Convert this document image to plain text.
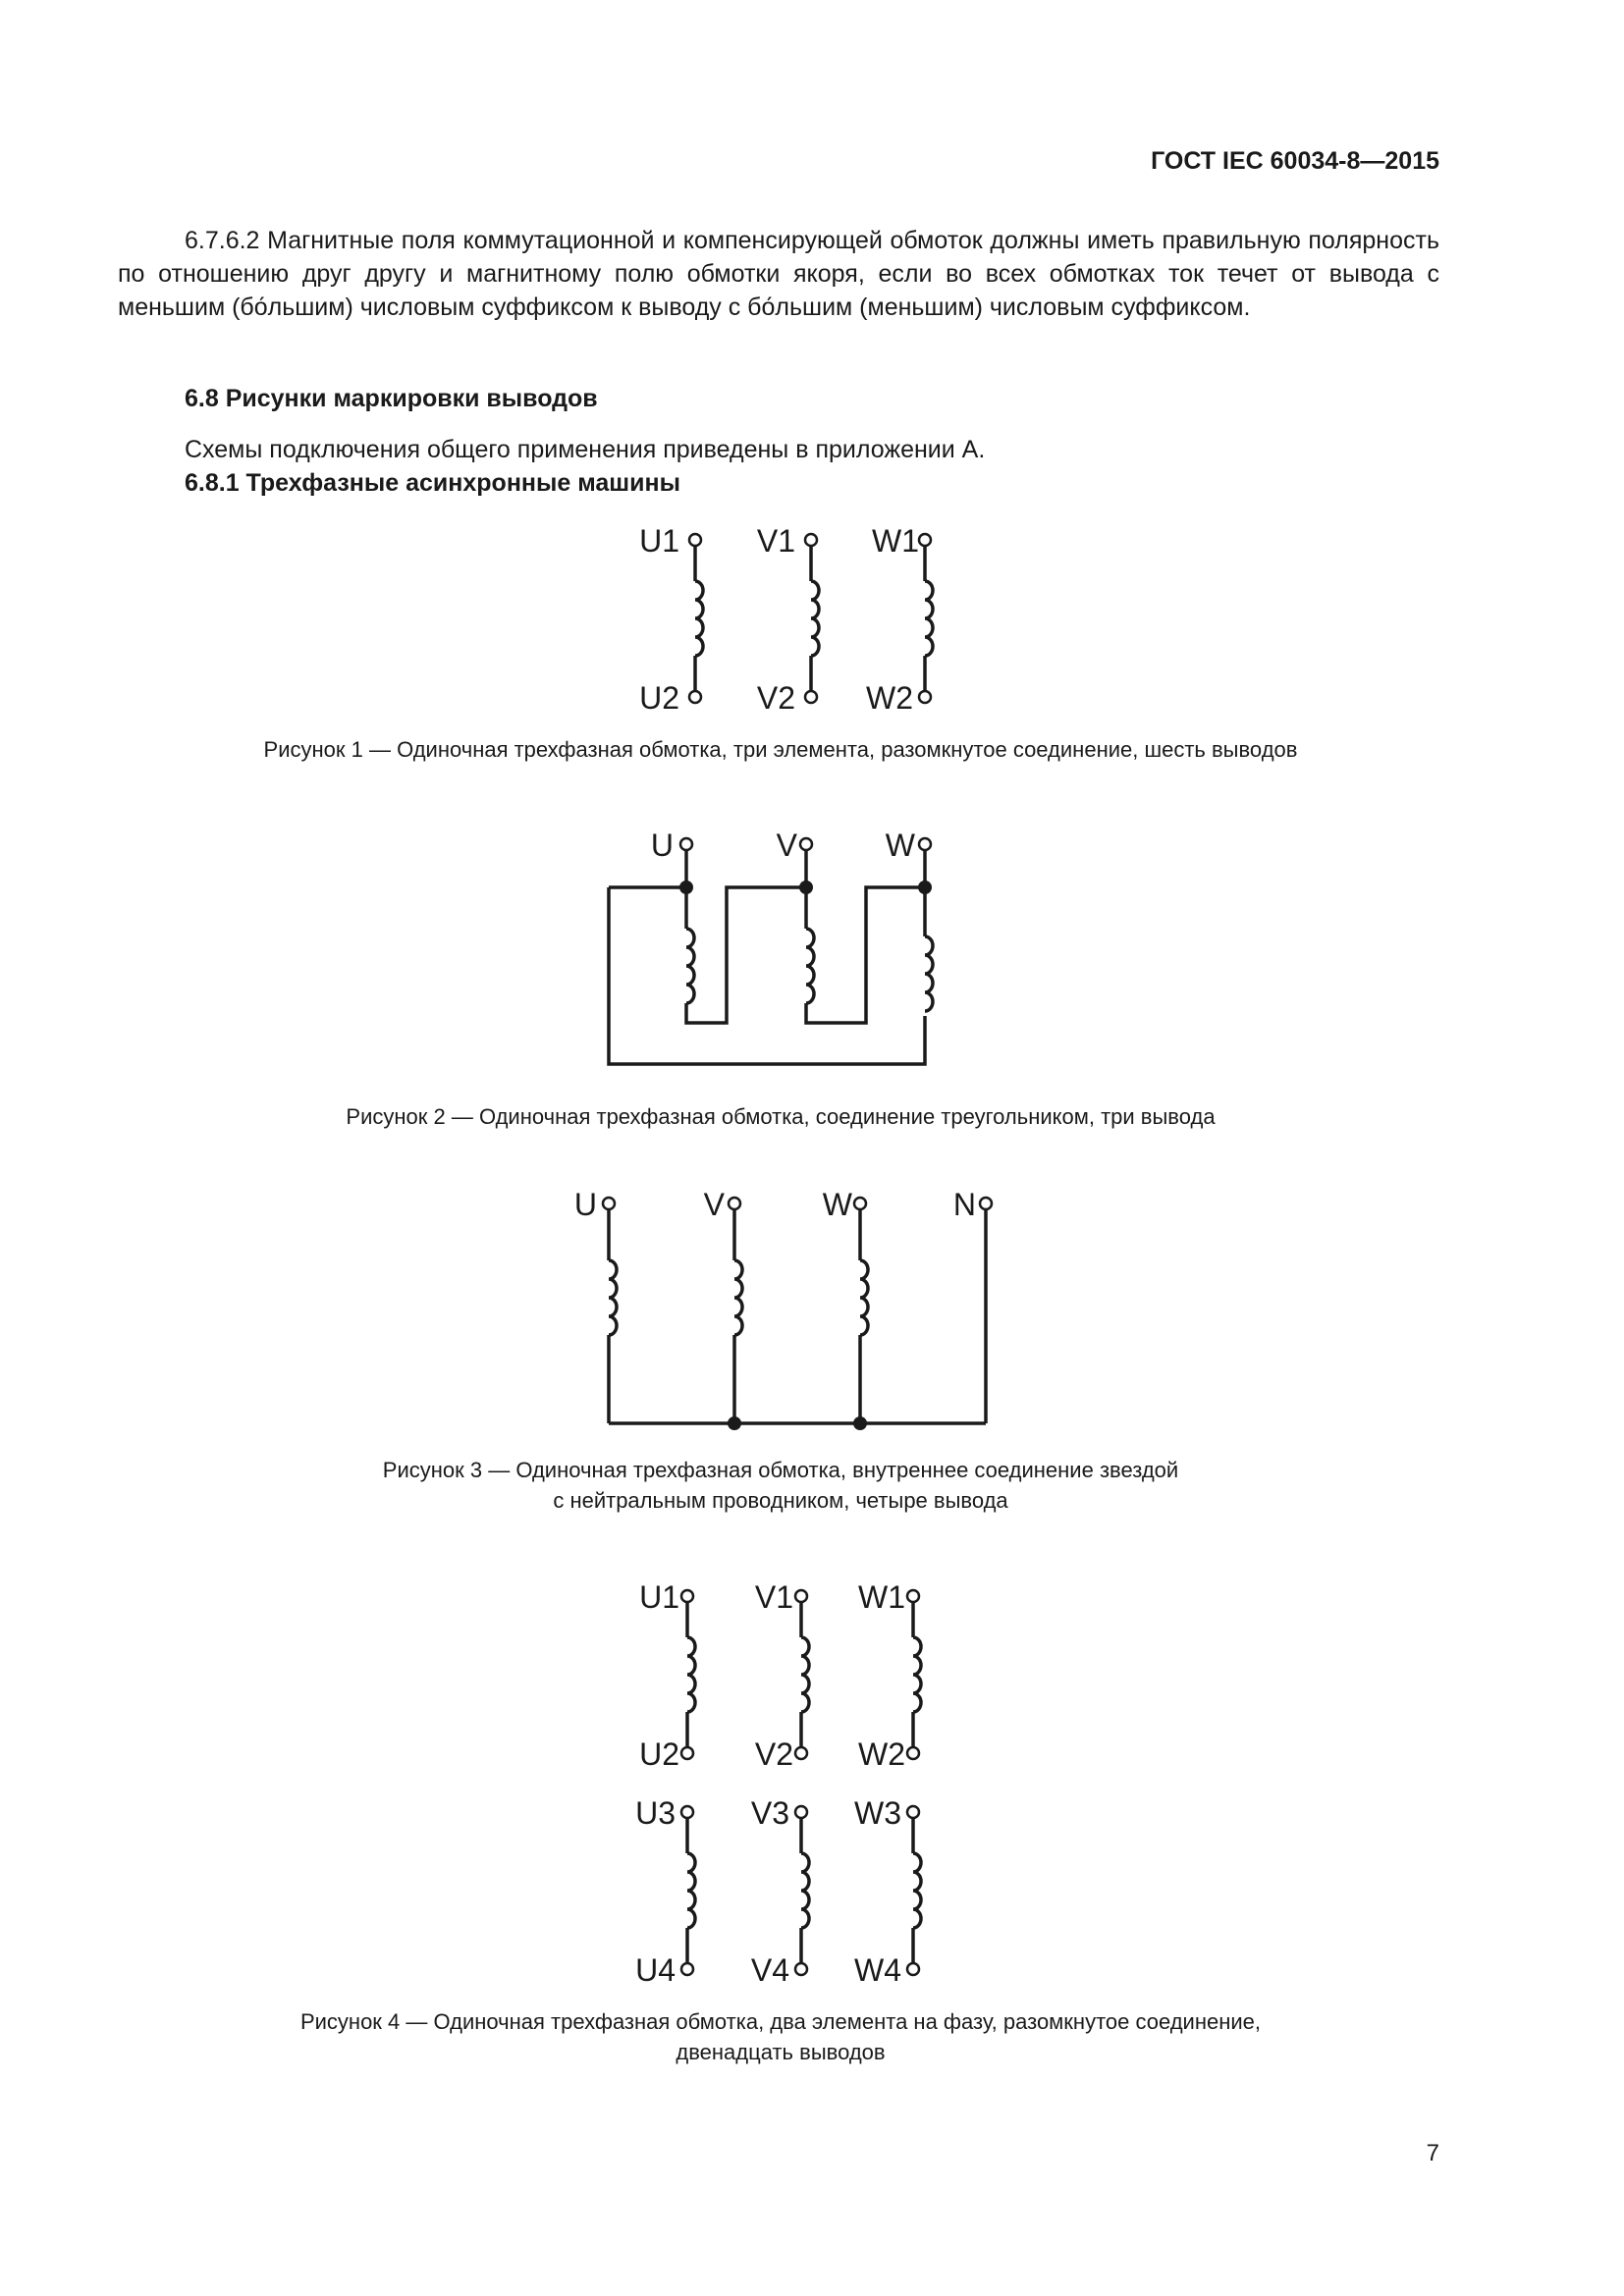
ГОСТ IEC 60034-8—2015

6.7.6.2 Магнитные поля коммутационной и компенсирующей обмоток должны иметь правильную полярность по отношению друг другу и магнитному полю обмотки якоря, если во всех обмотках ток течет от вывода с меньшим (бо́льшим) числовым суффиксом к выводу с бо́льшим (меньшим) числовым суффиксом.

6.8 Рисунки маркировки выводов

Схемы подключения общего применения приведены в приложении А.

6.8.1 Трехфазные асинхронные машины

U1 V1 W1
U2 V2 W2

Рисунок 1 — Одиночная трехфазная обмотка, три элемента, разомкнутое соединение, шесть выводов

U	V	W

Рисунок 2 — Одиночная трехфазная обмотка, соединение треугольником, три вывода

U	V	W	N

Рисунок 3 — Одиночная трехфазная обмотка, внутреннее соединение звездой

с нейтральным проводником, четыре вывода

U1 V1 W1
U2 V2 W2
U3 V3 W3
U4 V4 W4

Рисунок 4 — Одиночная трехфазная обмотка, два элемента на фазу, разомкнутое соединение,

двенадцать выводов

7
